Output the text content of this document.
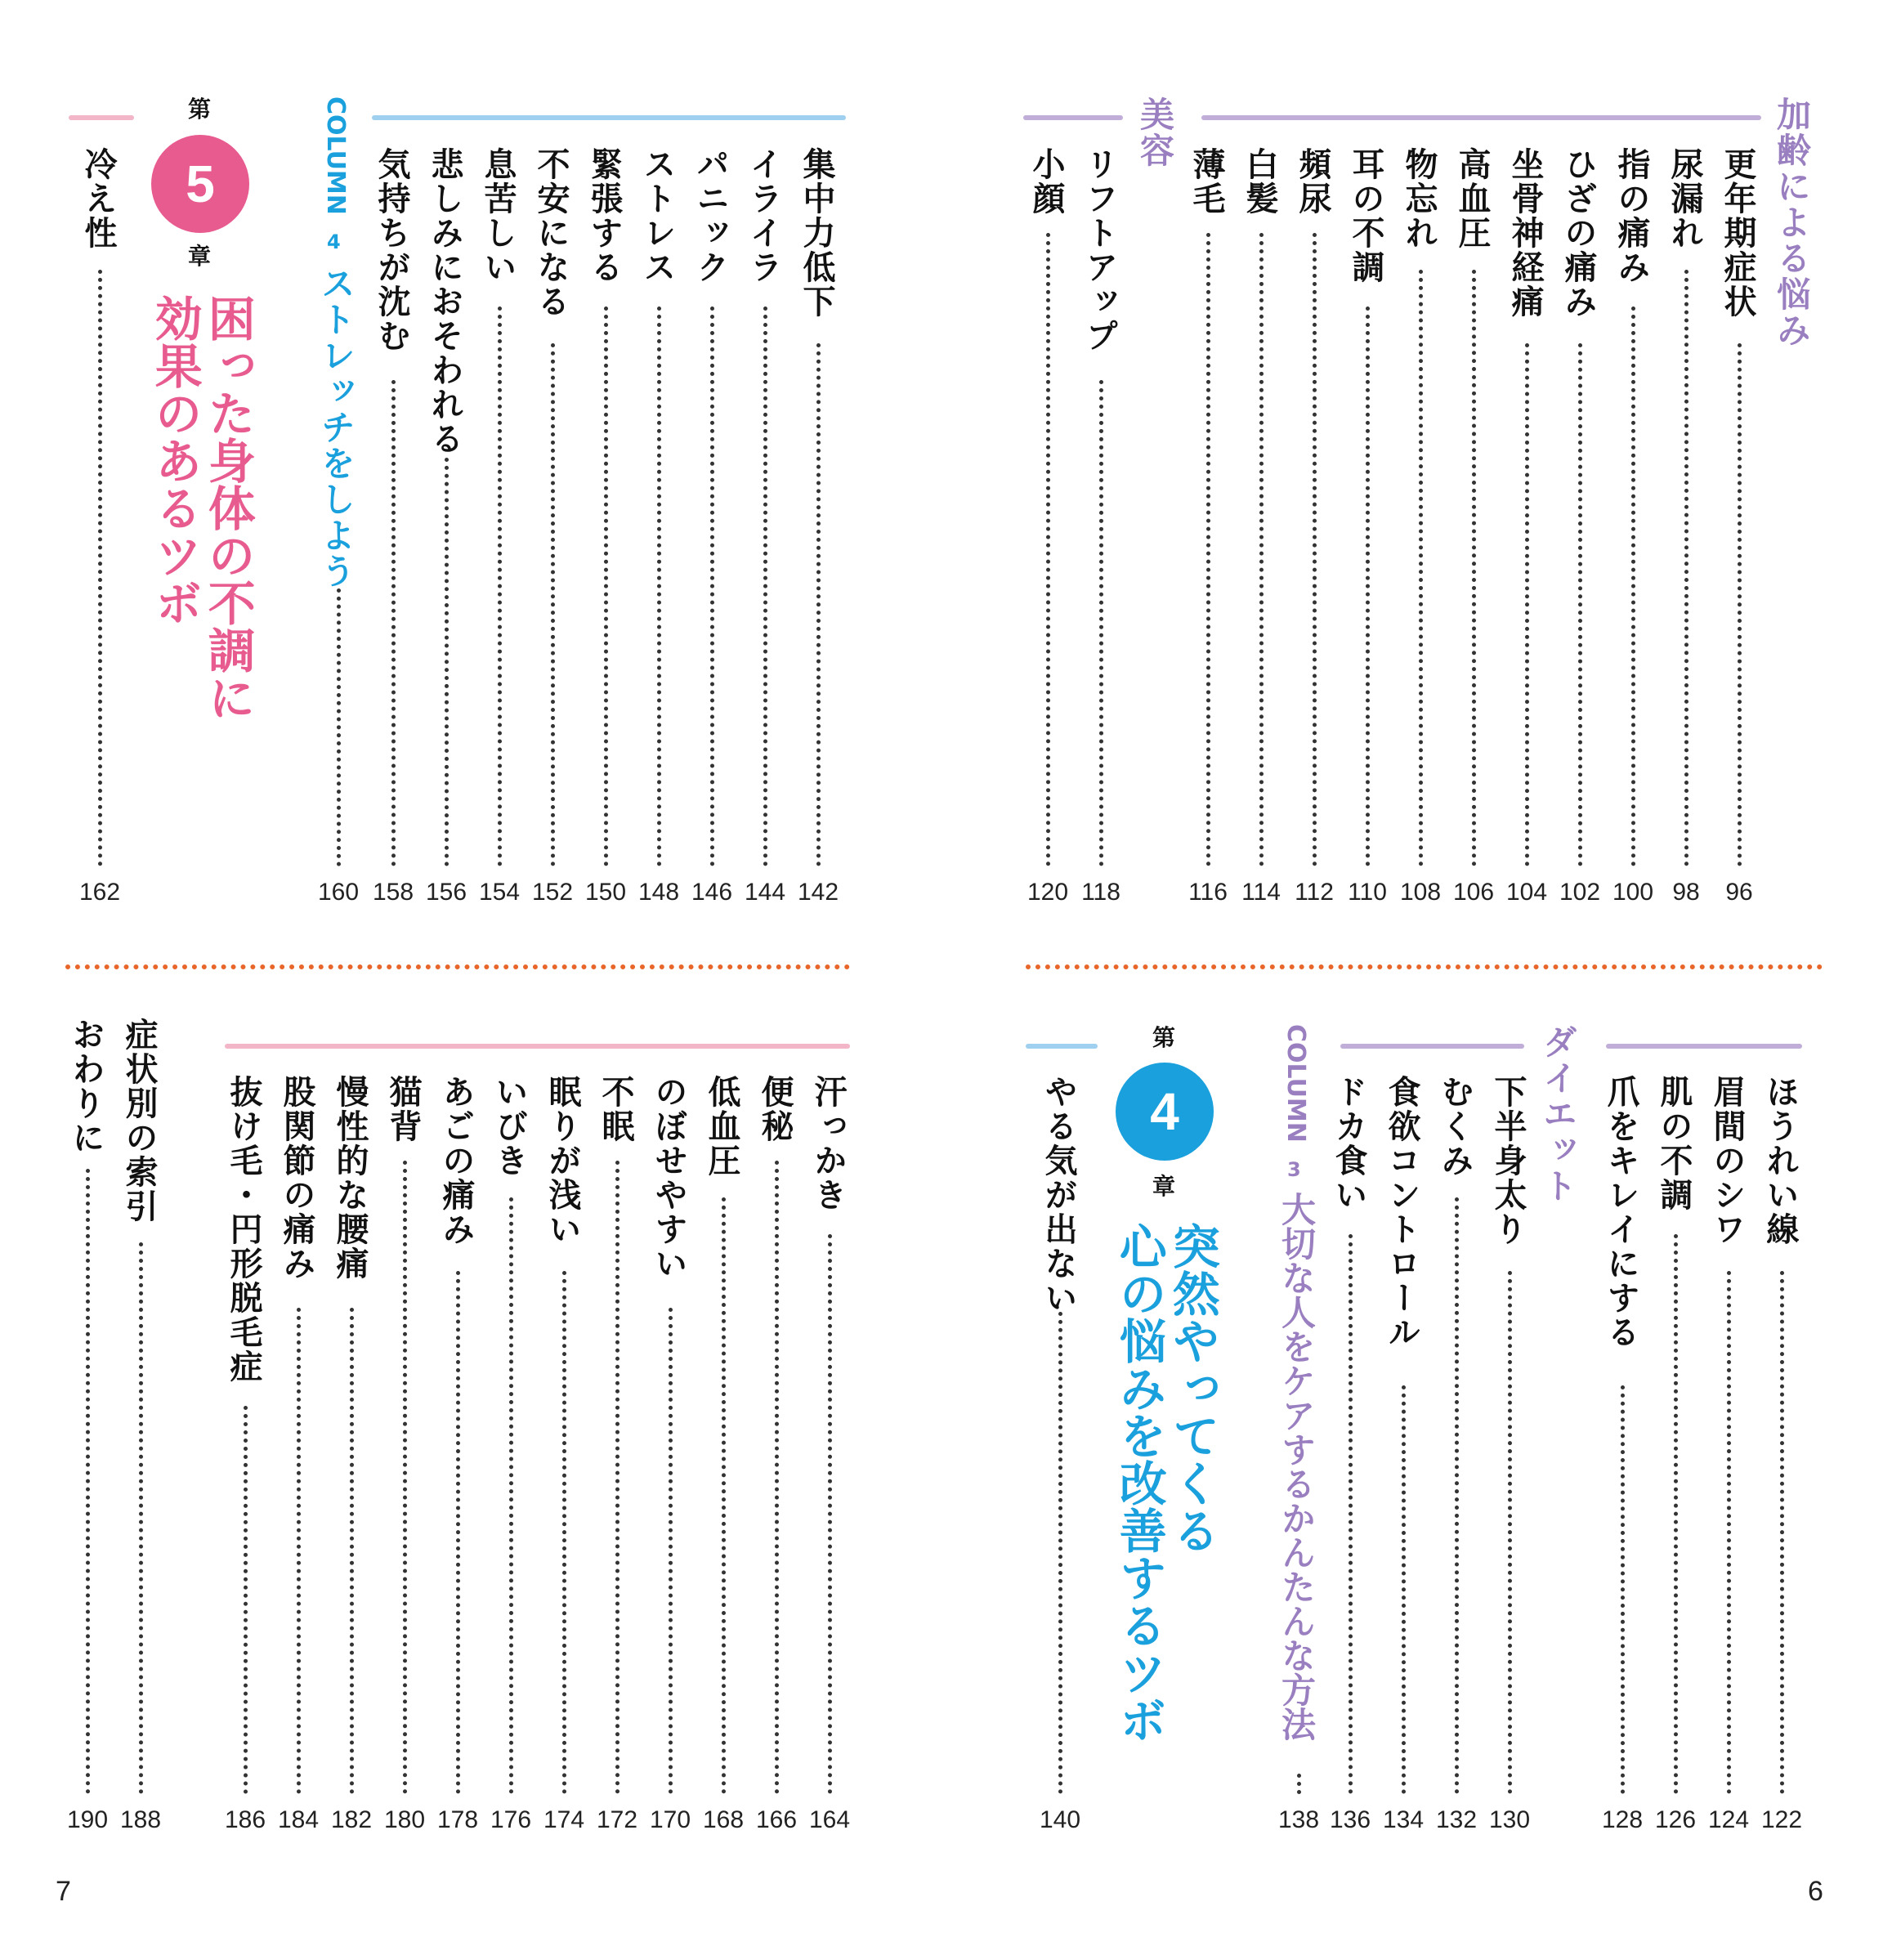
加齢による悩み
更年期症状
96
尿漏れ
98
指の痛み
100
ひざの痛み
102
坐骨神経痛
104
高血圧
106
物忘れ
108
耳の不調
110
頻尿
112
白髪
114
薄毛
116
美容
リフトアップ
118
小顔
120
集中力低下
142
イライラ
144
パニック
146
ストレス
148
緊張する
150
不安になる
152
息苦しい
154
悲しみにおそわれる
156
気持ちが沈む
158
COLUMN
4
ストレッチをしよう
160
第
5
章
困った身体の不調に
効果のあるツボ
冷え性
162
ほうれい線
122
眉間のシワ
124
肌の不調
126
爪をキレイにする
128
ダイエット
下半身太り
130
むくみ
132
食欲コントロール
134
ドカ食い
136
COLUMN
3
大切な人をケアするかんたんな方法
138
第
4
章
突然やってくる
心の悩みを改善するツボ
やる気が出ない
140
汗っかき
164
便秘
166
低血圧
168
のぼせやすい
170
不眠
172
眠りが浅い
174
いびき
176
あごの痛み
178
猫背
180
慢性的な腰痛
182
股関節の痛み
184
抜け毛・円形脱毛症
186
症状別の索引
188
おわりに
190
7	6
